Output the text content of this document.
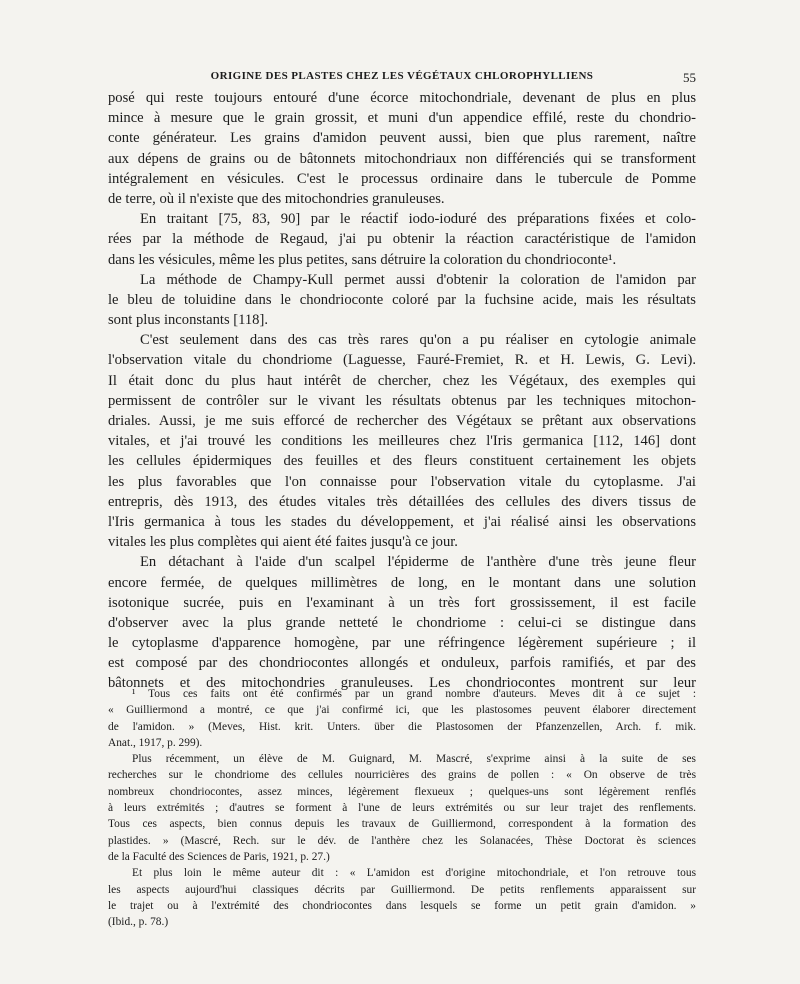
ORIGINE DES PLASTES CHEZ LES VÉGÉTAUX CHLOROPHYLLIENS	55
posé qui reste toujours entouré d'une écorce mitochondriale, devenant de plus en plus
mince à mesure que le grain grossit, et muni d'un appendice effilé, reste du chondrio-
conte générateur. Les grains d'amidon peuvent aussi, bien que plus rarement, naître
aux dépens de grains ou de bâtonnets mitochondriaux non différenciés qui se transforment
intégralement en vésicules. C'est le processus ordinaire dans le tubercule de Pomme
de terre, où il n'existe que des mitochondries granuleuses.
En traitant [75, 83, 90] par le réactif iodo-ioduré des préparations fixées et colo-
rées par la méthode de Regaud, j'ai pu obtenir la réaction caractéristique de l'amidon
dans les vésicules, même les plus petites, sans détruire la coloration du chondrioconte¹.
La méthode de Champy-Kull permet aussi d'obtenir la coloration de l'amidon par
le bleu de toluidine dans le chondrioconte coloré par la fuchsine acide, mais les résultats
sont plus inconstants [118].
C'est seulement dans des cas très rares qu'on a pu réaliser en cytologie animale
l'observation vitale du chondriome (Laguesse, Fauré-Fremiet, R. et H. Lewis, G. Levi).
Il était donc du plus haut intérêt de chercher, chez les Végétaux, des exemples qui
permissent de contrôler sur le vivant les résultats obtenus par les techniques mitochon-
driales. Aussi, je me suis efforcé de rechercher des Végétaux se prêtant aux observations
vitales, et j'ai trouvé les conditions les meilleures chez l'Iris germanica [112, 146] dont
les cellules épidermiques des feuilles et des fleurs constituent certainement les objets
les plus favorables que l'on connaisse pour l'observation vitale du cytoplasme. J'ai
entrepris, dès 1913, des études vitales très détaillées des cellules des divers tissus de
l'Iris germanica à tous les stades du développement, et j'ai réalisé ainsi les observations
vitales les plus complètes qui aient été faites jusqu'à ce jour.
En détachant à l'aide d'un scalpel l'épiderme de l'anthère d'une très jeune fleur
encore fermée, de quelques millimètres de long, en le montant dans une solution
isotonique sucrée, puis en l'examinant à un très fort grossissement, il est facile
d'observer avec la plus grande netteté le chondriome : celui-ci se distingue dans
le cytoplasme d'apparence homogène, par une réfringence légèrement supérieure ; il
est composé par des chondriocontes allongés et onduleux, parfois ramifiés, et par des
bâtonnets et des mitochondries granuleuses. Les chondriocontes montrent sur leur
¹ Tous ces faits ont été confirmés par un grand nombre d'auteurs. Meves dit à ce sujet :
« Guilliermond a montré, ce que j'ai confirmé ici, que les plastosomes peuvent élaborer directement
de l'amidon. » (Meves, Hist. krit. Unters. über die Plastosomen der Pfanzenzellen, Arch. f. mik.
Anat., 1917, p. 299).
Plus récemment, un élève de M. Guignard, M. Mascré, s'exprime ainsi à la suite de ses
recherches sur le chondriome des cellules nourricières des grains de pollen : « On observe de très
nombreux chondriocontes, assez minces, légèrement flexueux ; quelques-uns sont légèrement renflés
à leurs extrémités ; d'autres se forment à l'une de leurs extrémités ou sur leur trajet des renflements.
Tous ces aspects, bien connus depuis les travaux de Guilliermond, correspondent à la formation des
plastides. » (Mascré, Rech. sur le dév. de l'anthère chez les Solanacées, Thèse Doctorat ès sciences
de la Faculté des Sciences de Paris, 1921, p. 27.)
Et plus loin le même auteur dit : « L'amidon est d'origine mitochondriale, et l'on retrouve tous
les aspects aujourd'hui classiques décrits par Guilliermond. De petits renflements apparaissent sur
le trajet ou à l'extrémité des chondriocontes dans lesquels se forme un petit grain d'amidon. »
(Ibid., p. 78.)
